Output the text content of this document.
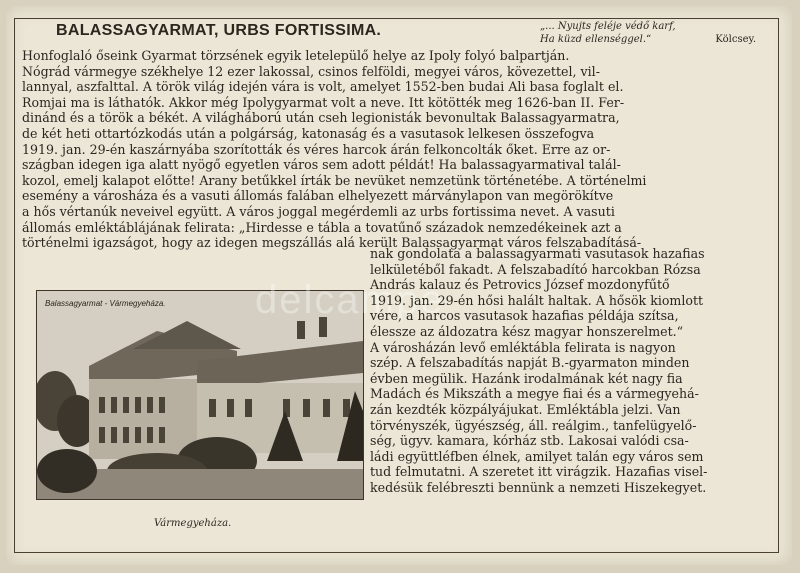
BALASSAGYARMAT, URBS FORTISSIMA.	„... Nyujts feléje védő karf,
Ha küzd ellenséggel.“	Kölcsey.
Honfoglaló őseink Gyarmat törzsének egyik letelepülő helye az Ipoly folyó balpartján.
Nógrád vármegye székhelye 12 ezer lakossal, csinos felföldi, megyei város, kövezettel, vil-
lannyal, aszfalttal. A török világ idején vára is volt, amelyet 1552-ben budai Ali basa foglalt el.
Romjai ma is láthatók. Akkor még Ipolygyarmat volt a neve. Itt kötötték meg 1626-ban II. Fer-
dinánd és a török a békét. A világháború után cseh legionisták bevonultak Balassagyarmatra,
de két heti ottartózkodás után a polgárság, katonaság és a vasutasok lelkesen összefogva
1919. jan. 29-én kaszárnyába szorították és véres harcok árán felkoncolták őket. Erre az or-
szágban idegen iga alatt nyögő egyetlen város sem adott példát! Ha balassagyarmatival talál-
kozol, emelj kalapot előtte! Arany betűkkel írták be nevüket nemzetünk történetébe. A történelmi
esemény a városháza és a vasuti állomás falában elhelyezett márványlapon van megörökítve
a hős vértanúk neveivel együtt. A város joggal megérdemli az urbs fortissima nevet. A vasuti
állomás emléktáblájának felirata: „Hirdesse e tábla a tovatűnő századok nemzedékeinek azt a
történelmi igazságot, hogy az idegen megszállás alá került Balassagyarmat város felszabadításá-
Balassagyarmat - Vármegyeháza. delcampe
nak gondolata a balassagyarmati vasutasok hazafias
lelkületéből fakadt. A felszabadító harcokban Rózsa
András kalauz és Petrovics József mozdonyfűtő
1919. jan. 29-én hősi halált haltak. A hősök kiomlott
vére, a harcos vasutasok hazafias példája szítsa,
élessze az áldozatra kész magyar honszerelmet.“
A városházán levő emléktábla felirata is nagyon
szép. A felszabadítás napját B.-gyarmaton minden
évben megülik. Hazánk irodalmának két nagy fia
Madách és Mikszáth a megye fiai és a vármegyehá-
zán kezdték közpályájukat. Emléktábla jelzi. Van
törvényszék, ügyészség, áll. reálgim., tanfelügyelő-
ség, ügyv. kamara, kórház stb. Lakosai valódi csa-
ládi együttléfben élnek, amilyet talán egy város sem
tud felmutatni. A szeretet itt virágzik. Hazafias visel-
kedésük felébreszti bennünk a nemzeti Hiszekegyet.
Vármegyeháza.
